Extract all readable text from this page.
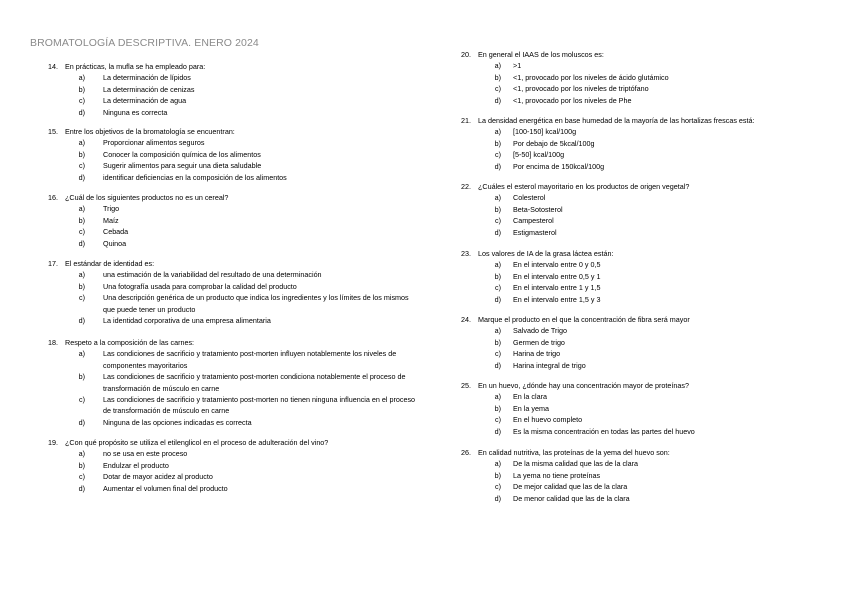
BROMATOLOGÍA DESCRIPTIVA. ENERO 2024
14. En prácticas, la mufla se ha empleado para:
a)	La determinación de lípidos
b)	La determinación de cenizas
c)	La determinación de agua
d)	Ninguna es correcta
15. Entre los objetivos de la bromatología se encuentran:
a)	Proporcionar alimentos seguros
b)	Conocer la composición química de los alimentos
c)	Sugerir alimentos para seguir una dieta saludable
d)	identificar deficiencias en la composición de los alimentos
16. ¿Cuál de los siguientes productos no es un cereal?
a)	Trigo
b)	Maíz
c)	Cebada
d)	Quinoa
17. El estándar de identidad es:
a)	una estimación de la variabilidad del resultado de una determinación
b)	Una fotografía usada para comprobar la calidad del producto
c)	Una descripción genérica de un producto que indica los ingredientes y los límites de los mismos que puede tener un producto
d)	La identidad corporativa de una empresa alimentaria
18. Respeto a la composición de las carnes:
a)	Las condiciones de sacrificio y tratamiento post-morten influyen notablemente los niveles de componentes mayoritarios
b)	Las condiciones de sacrificio y tratamiento post-morten condiciona notablemente el proceso de transformación de músculo en carne
c)	Las condiciones de sacrificio y tratamiento post-morten no tienen ninguna influencia en el proceso de transformación de músculo en carne
d)	Ninguna de las opciones indicadas es correcta
19. ¿Con qué propósito se utiliza el etilenglicol en el proceso de adulteración del vino?
a)	no se usa en este proceso
b)	Endulzar el producto
c)	Dotar de mayor acidez al producto
d)	Aumentar el volumen final del producto
20. En general el IAAS de los moluscos es:
a)	>1
b)	<1, provocado por los niveles de ácido glutámico
c)	<1, provocado por los niveles de triptófano
d)	<1, provocado por los niveles de Phe
21. La densidad energética en base humedad de la mayoría de las hortalizas frescas está:
a)	[100-150] kcal/100g
b)	Por debajo de 5kcal/100g
c)	[5-50] kcal/100g
d)	Por encima de 150kcal/100g
22. ¿Cuáles el esterol mayoritario en los productos de origen vegetal?
a)	Colesterol
b)	Beta-Sotosterol
c)	Campesterol
d)	Estigmasterol
23. Los valores de IA de la grasa láctea están:
a)	En el intervalo entre 0 y 0,5
b)	En el intervalo entre 0,5 y 1
c)	En el intervalo entre 1 y 1,5
d)	En el intervalo entre 1,5 y 3
24. Marque el producto en el que la concentración de fibra será mayor
a)	Salvado de Trigo
b)	Germen de trigo
c)	Harina de trigo
d)	Harina integral de trigo
25. En un huevo, ¿dónde hay una concentración mayor de proteínas?
a)	En la clara
b)	En la yema
c)	En el huevo completo
d)	Es la misma concentración en todas las partes del huevo
26. En calidad nutritiva, las proteínas de la yema del huevo son:
a)	De la misma calidad que las de la clara
b)	La yema no tiene proteínas
c)	De mejor calidad que las de la clara
d)	De menor calidad que las de la clara
